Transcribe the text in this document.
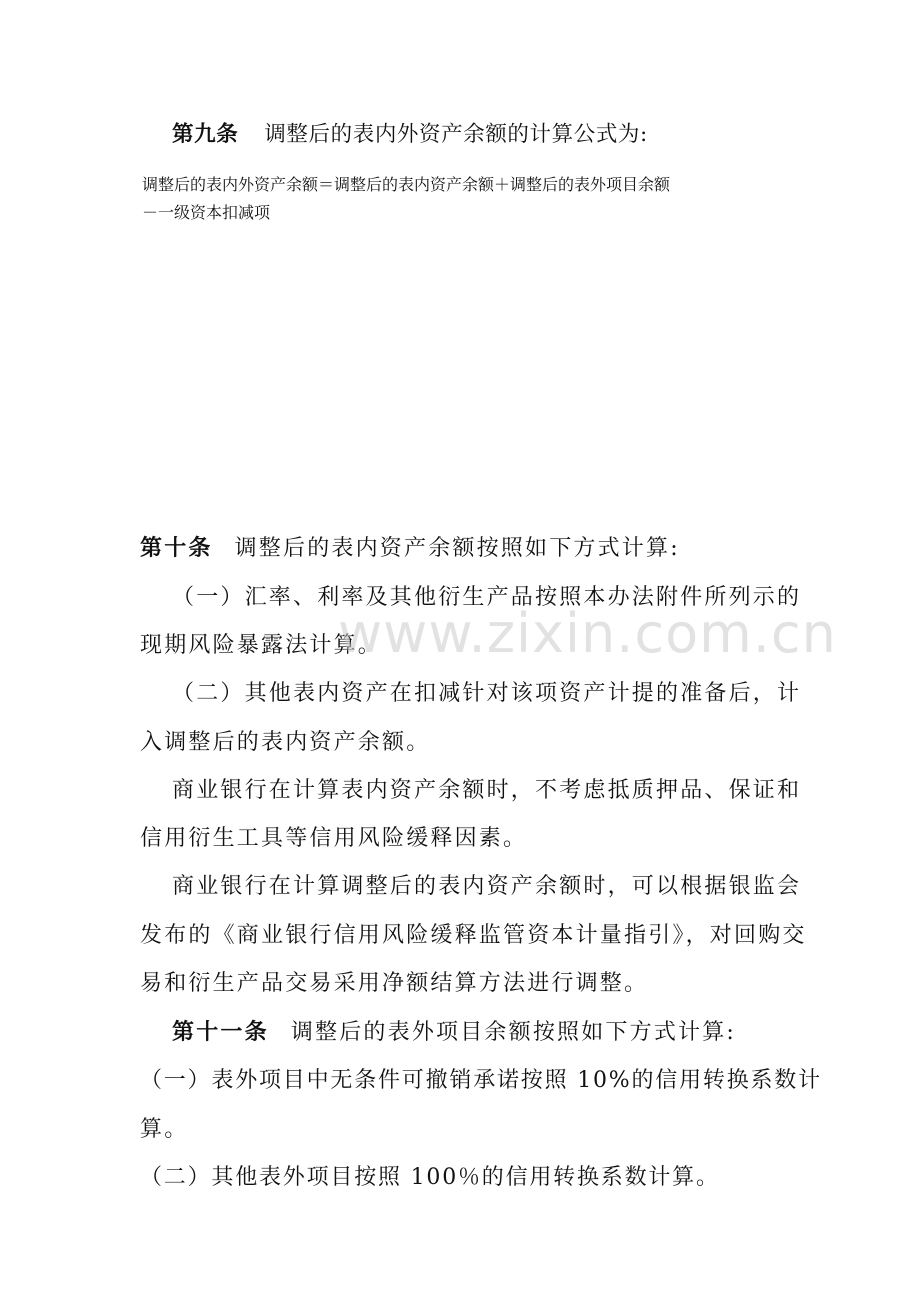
第九条 调整后的表内外资产余额的计算公式为:
调整后的表内外资产余额＝调整后的表内资产余额＋调整后的表外项目余额
－一级资本扣减项
第十条 调整后的表内资产余额按照如下方式计算:
（一）汇率、利率及其他衍生产品按照本办法附件所列示的
现期风险暴露法计算。
（二）其他表内资产在扣减针对该项资产计提的准备后，计
入调整后的表内资产余额。
商业银行在计算表内资产余额时，不考虑抵质押品、保证和
信用衍生工具等信用风险缓释因素。
商业银行在计算调整后的表内资产余额时，可以根据银监会
发布的《商业银行信用风险缓释监管资本计量指引》，对回购交
易和衍生产品交易采用净额结算方法进行调整。
第十一条 调整后的表外项目余额按照如下方式计算:
（一）表外项目中无条件可撤销承诺按照 10%的信用转换系数计
算。
（二）其他表外项目按照 100％的信用转换系数计算。
www.zixin.com.cn
